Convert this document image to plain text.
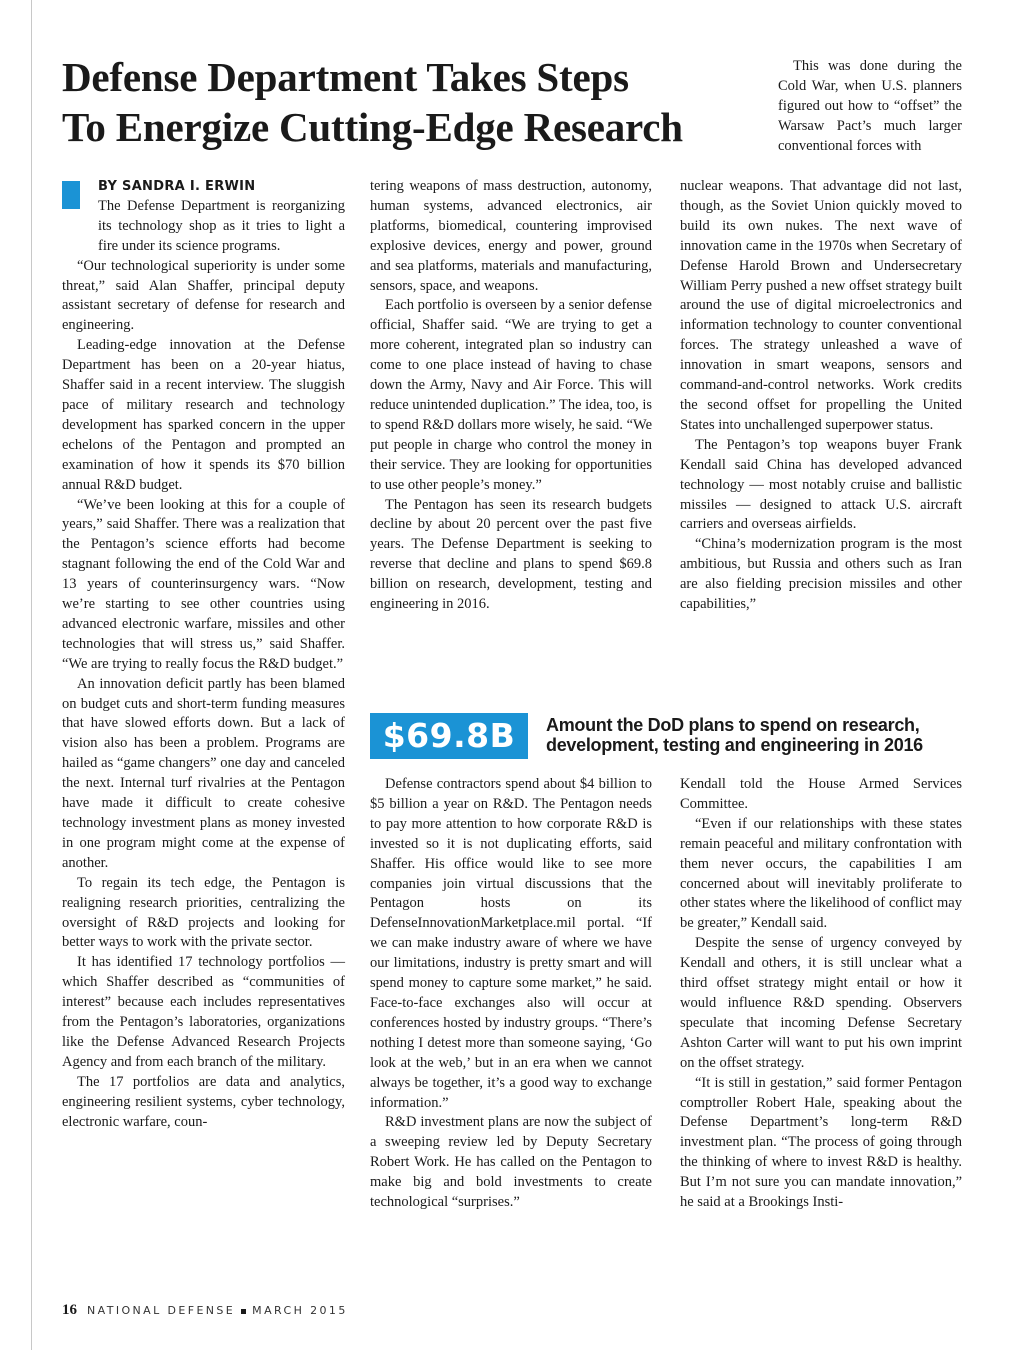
Defense Department Takes Steps
To Energize Cutting-Edge Research

This was done during the Cold War, when U.S. planners figured out how to “offset” the Warsaw Pact’s much larger conventional forces with

BY SANDRA I. ERWIN

The Defense Department is reorganizing its technology shop as it tries to light a fire under its science programs.

“Our technological superiority is under some threat,” said Alan Shaffer, principal deputy assistant secretary of defense for research and engineering.

Leading-edge innovation at the Defense Department has been on a 20-year hiatus, Shaffer said in a recent interview. The sluggish pace of military research and technology development has sparked concern in the upper echelons of the Pentagon and prompted an examination of how it spends its $70 billion annual R&D budget.

“We’ve been looking at this for a couple of years,” said Shaffer. There was a realization that the Pentagon’s science efforts had become stagnant following the end of the Cold War and 13 years of counterinsurgency wars. “Now we’re starting to see other countries using advanced electronic warfare, missiles and other technologies that will stress us,” said Shaffer. “We are trying to really focus the R&D budget.”

An innovation deficit partly has been blamed on budget cuts and short-term funding measures that have slowed efforts down. But a lack of vision also has been a problem. Programs are hailed as “game changers” one day and canceled the next. Internal turf rivalries at the Pentagon have made it difficult to create cohesive technology investment plans as money invested in one program might come at the expense of another.

To regain its tech edge, the Pentagon is realigning research priorities, centralizing the oversight of R&D projects and looking for better ways to work with the private sector.

It has identified 17 technology portfolios — which Shaffer described as “communities of interest” because each includes representatives from the Pentagon’s laboratories, organizations like the Defense Advanced Research Projects Agency and from each branch of the military.

The 17 portfolios are data and analytics, engineering resilient systems, cyber technology, electronic warfare, coun-

tering weapons of mass destruction, autonomy, human systems, advanced electronics, air platforms, biomedical, countering improvised explosive devices, energy and power, ground and sea platforms, materials and manufacturing, sensors, space, and weapons.

Each portfolio is overseen by a senior defense official, Shaffer said. “We are trying to get a more coherent, integrated plan so industry can come to one place instead of having to chase down the Army, Navy and Air Force. This will reduce unintended duplication.” The idea, too, is to spend R&D dollars more wisely, he said. “We put people in charge who control the money in their service. They are looking for opportunities to use other people’s money.”

The Pentagon has seen its research budgets decline by about 20 percent over the past five years. The Defense Department is seeking to reverse that decline and plans to spend $69.8 billion on research, development, testing and engineering in 2016.

nuclear weapons. That advantage did not last, though, as the Soviet Union quickly moved to build its own nukes. The next wave of innovation came in the 1970s when Secretary of Defense Harold Brown and Undersecretary William Perry pushed a new offset strategy built around the use of digital microelectronics and information technology to counter conventional forces. The strategy unleashed a wave of innovation in smart weapons, sensors and command-and-control networks. Work credits the second offset for propelling the United States into unchallenged superpower status.

The Pentagon’s top weapons buyer Frank Kendall said China has developed advanced technology — most notably cruise and ballistic missiles — designed to attack U.S. aircraft carriers and overseas airfields.

“China’s modernization program is the most ambitious, but Russia and others such as Iran are also fielding precision missiles and other capabilities,”

$69.8B	Amount the DoD plans to spend on research,
development, testing and engineering in 2016

Defense contractors spend about $4 billion to $5 billion a year on R&D. The Pentagon needs to pay more attention to how corporate R&D is invested so it is not duplicating efforts, said Shaffer. His office would like to see more companies join virtual discussions that the Pentagon hosts on its DefenseInnovationMarketplace.mil portal. “If we can make industry aware of where we have our limitations, industry is pretty smart and will spend money to capture some market,” he said. Face-to-face exchanges also will occur at conferences hosted by industry groups. “There’s nothing I detest more than someone saying, ‘Go look at the web,’ but in an era when we cannot always be together, it’s a good way to exchange information.”

R&D investment plans are now the subject of a sweeping review led by Deputy Secretary Robert Work. He has called on the Pentagon to make big and bold investments to create technological “surprises.”

Kendall told the House Armed Services Committee.

“Even if our relationships with these states remain peaceful and military confrontation with them never occurs, the capabilities I am concerned about will inevitably proliferate to other states where the likelihood of conflict may be greater,” Kendall said.

Despite the sense of urgency conveyed by Kendall and others, it is still unclear what a third offset strategy might entail or how it would influence R&D spending. Observers speculate that incoming Defense Secretary Ashton Carter will want to put his own imprint on the offset strategy.

“It is still in gestation,” said former Pentagon comptroller Robert Hale, speaking about the Defense Department’s long-term R&D investment plan. “The process of going through the thinking of where to invest R&D is healthy. But I’m not sure you can mandate innovation,” he said at a Brookings Insti-

16 NATIONAL DEFENSE MARCH 2015
